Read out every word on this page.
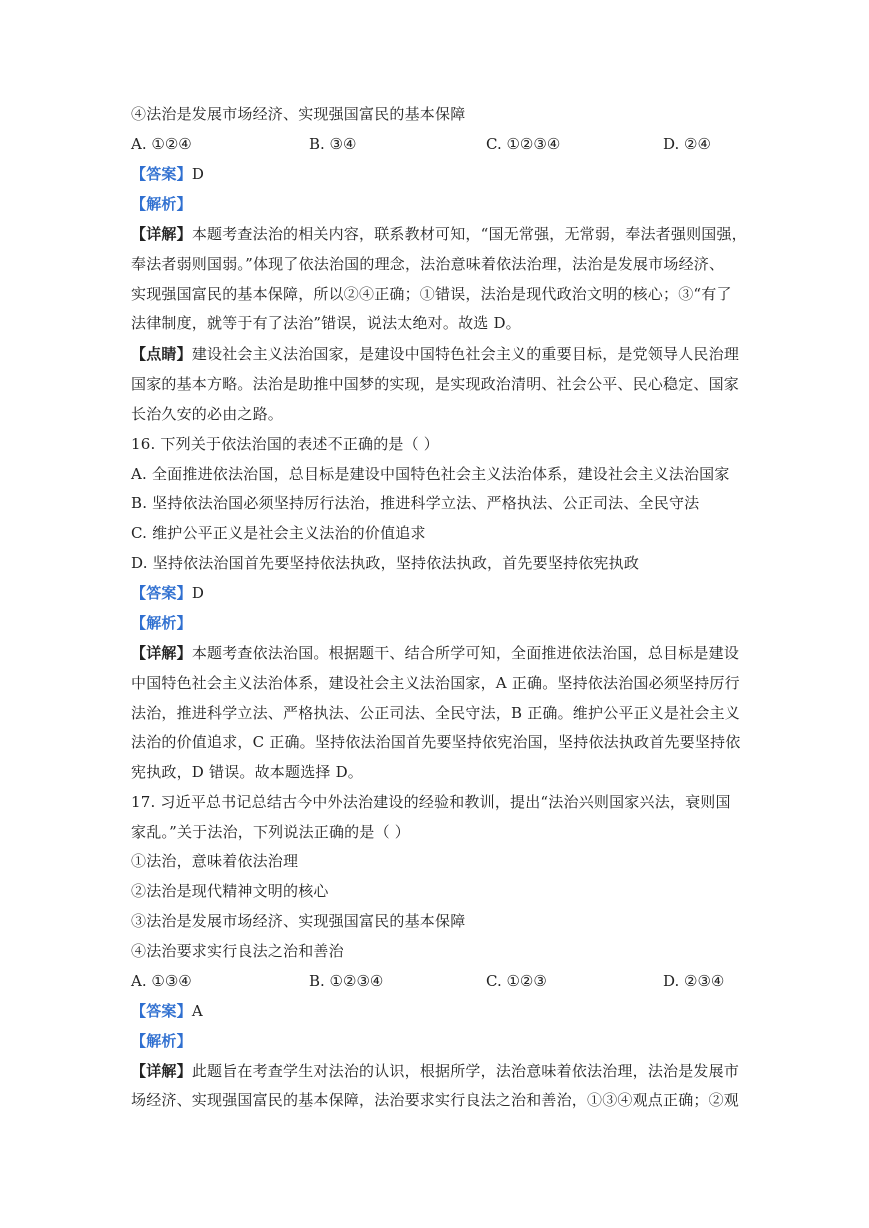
④法治是发展市场经济、实现强国富民的基本保障
A. ①②④	B. ③④	C. ①②③④	D. ②④
【答案】D
【解析】
【详解】本题考查法治的相关内容，联系教材可知，“国无常强，无常弱，奉法者强则国强，
奉法者弱则国弱。”体现了依法治国的理念，法治意味着依法治理，法治是发展市场经济、
实现强国富民的基本保障，所以②④正确；①错误，法治是现代政治文明的核心；③“有了
法律制度，就等于有了法治”错误，说法太绝对。故选 D。
【点睛】建设社会主义法治国家，是建设中国特色社会主义的重要目标，是党领导人民治理
国家的基本方略。法治是助推中国梦的实现，是实现政治清明、社会公平、民心稳定、国家
长治久安的必由之路。
16. 下列关于依法治国的表述不正确的是（ ）
A. 全面推进依法治国，总目标是建设中国特色社会主义法治体系，建设社会主义法治国家
B. 坚持依法治国必须坚持厉行法治，推进科学立法、严格执法、公正司法、全民守法
C. 维护公平正义是社会主义法治的价值追求
D. 坚持依法治国首先要坚持依法执政，坚持依法执政，首先要坚持依宪执政
【答案】D
【解析】
【详解】本题考查依法治国。根据题干、结合所学可知，全面推进依法治国，总目标是建设
中国特色社会主义法治体系，建设社会主义法治国家，A 正确。坚持依法治国必须坚持厉行
法治，推进科学立法、严格执法、公正司法、全民守法，B 正确。维护公平正义是社会主义
法治的价值追求，C 正确。坚持依法治国首先要坚持依宪治国，坚持依法执政首先要坚持依
宪执政，D 错误。故本题选择 D。
17. 习近平总书记总结古今中外法治建设的经验和教训，提出“法治兴则国家兴法，衰则国
家乱。”关于法治，下列说法正确的是（ ）
①法治，意味着依法治理
②法治是现代精神文明的核心
③法治是发展市场经济、实现强国富民的基本保障
④法治要求实行良法之治和善治
A. ①③④	B. ①②③④	C. ①②③	D. ②③④
【答案】A
【解析】
【详解】此题旨在考查学生对法治的认识，根据所学，法治意味着依法治理，法治是发展市
场经济、实现强国富民的基本保障，法治要求实行良法之治和善治，①③④观点正确；②观
